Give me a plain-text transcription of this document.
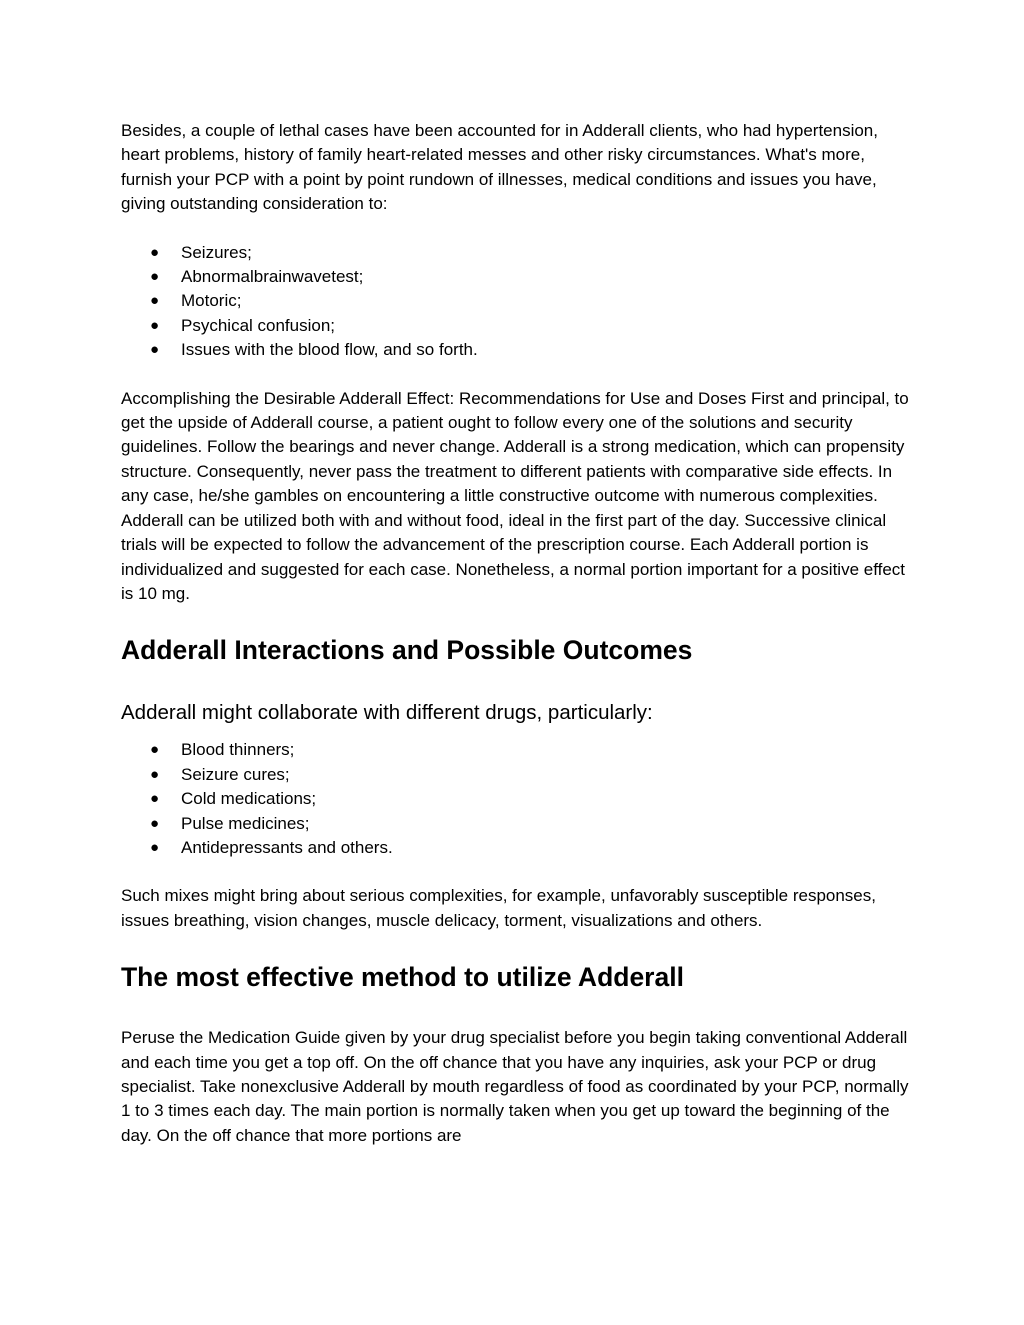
Besides, a couple of lethal cases have been accounted for in Adderall clients, who had hypertension, heart problems, history of family heart-related messes and other risky circumstances. What's more, furnish your PCP with a point by point rundown of illnesses, medical conditions and issues you have, giving outstanding consideration to:

● Seizures;
● Abnormalbrainwavetest;
● Motoric;
● Psychical confusion;
● Issues with the blood flow, and so forth.

Accomplishing the Desirable Adderall Effect: Recommendations for Use and Doses First and principal, to get the upside of Adderall course, a patient ought to follow every one of the solutions and security guidelines. Follow the bearings and never change. Adderall is a strong medication, which can propensity structure. Consequently, never pass the treatment to different patients with comparative side effects. In any case, he/she gambles on encountering a little constructive outcome with numerous complexities. Adderall can be utilized both with and without food, ideal in the first part of the day. Successive clinical trials will be expected to follow the advancement of the prescription course. Each Adderall portion is individualized and suggested for each case. Nonetheless, a normal portion important for a positive effect is 10 mg.

Adderall Interactions and Possible Outcomes

Adderall might collaborate with different drugs, particularly:

● Blood thinners;
● Seizure cures;
● Cold medications;
● Pulse medicines;
● Antidepressants and others.

Such mixes might bring about serious complexities, for example, unfavorably susceptible responses, issues breathing, vision changes, muscle delicacy, torment, visualizations and others.

The most effective method to utilize Adderall

Peruse the Medication Guide given by your drug specialist before you begin taking conventional Adderall and each time you get a top off. On the off chance that you have any inquiries, ask your PCP or drug specialist. Take nonexclusive Adderall by mouth regardless of food as coordinated by your PCP, normally 1 to 3 times each day. The main portion is normally taken when you get up toward the beginning of the day. On the off chance that more portions are
